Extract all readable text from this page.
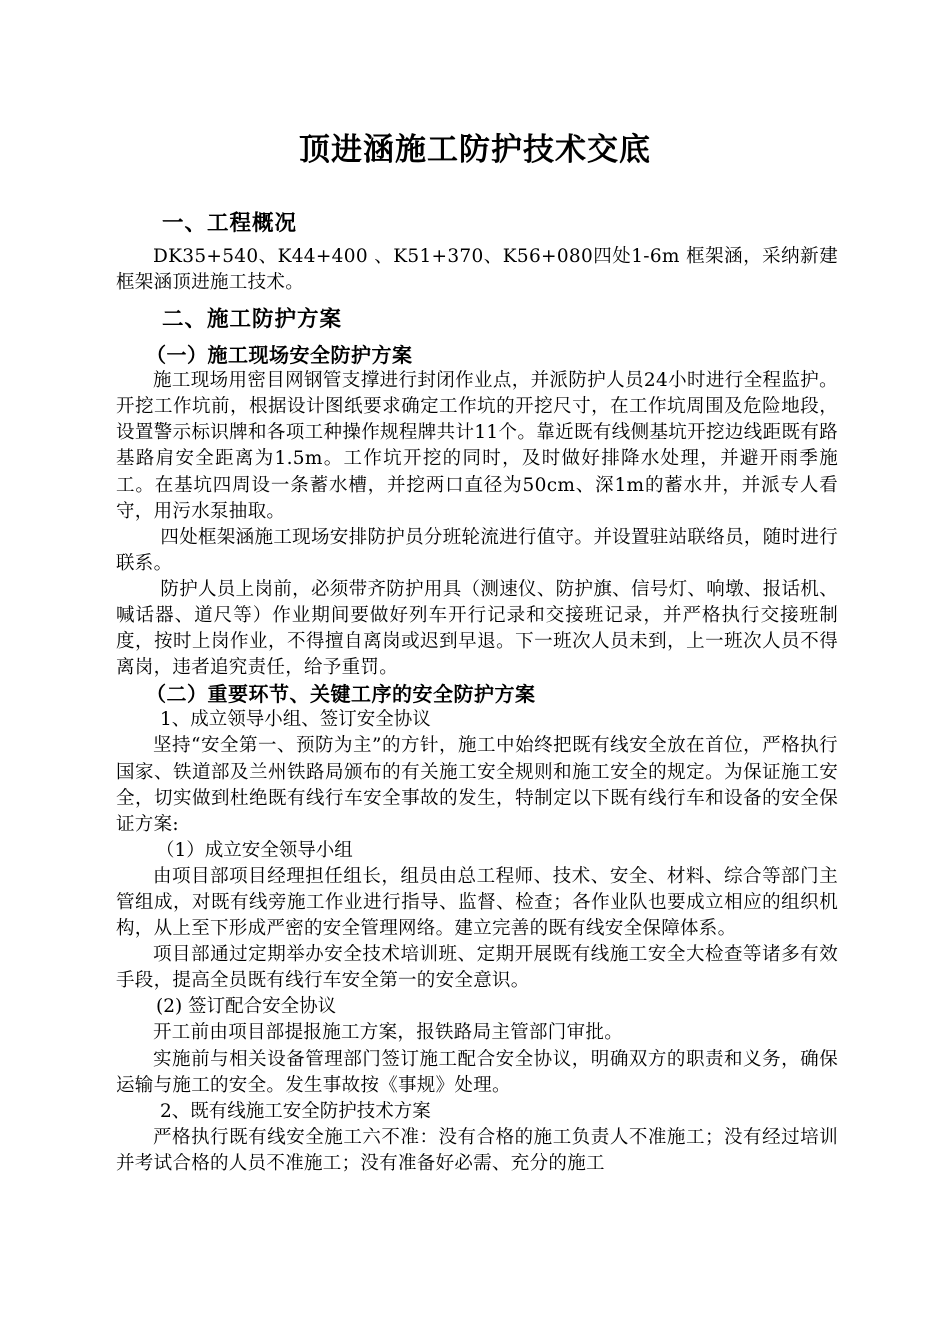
顶进涵施工防护技术交底
一、工程概况
DK35+540、K44+400 、K51+370、K56+080四处1-6m 框架涵，采纳新建框架涵顶进施工技术。
二、施工防护方案
（一）施工现场安全防护方案
施工现场用密目网钢管支撑进行封闭作业点，并派防护人员24小时进行全程监护。开挖工作坑前，根据设计图纸要求确定工作坑的开挖尺寸，在工作坑周围及危险地段，设置警示标识牌和各项工种操作规程牌共计11个。靠近既有线侧基坑开挖边线距既有路基路肩安全距离为1.5m。工作坑开挖的同时，及时做好排降水处理，并避开雨季施工。在基坑四周设一条蓄水槽，并挖两口直径为50cm、深1m的蓄水井，并派专人看守，用污水泵抽取。
四处框架涵施工现场安排防护员分班轮流进行值守。并设置驻站联络员，随时进行联系。
防护人员上岗前，必须带齐防护用具（测速仪、防护旗、信号灯、响墩、报话机、喊话器、道尺等）作业期间要做好列车开行记录和交接班记录，并严格执行交接班制度，按时上岗作业，不得擅自离岗或迟到早退。下一班次人员未到，上一班次人员不得离岗，违者追究责任，给予重罚。
（二）重要环节、关键工序的安全防护方案
1、成立领导小组、签订安全协议
坚持“安全第一、预防为主”的方针，施工中始终把既有线安全放在首位，严格执行国家、铁道部及兰州铁路局颁布的有关施工安全规则和施工安全的规定。为保证施工安全，切实做到杜绝既有线行车安全事故的发生，特制定以下既有线行车和设备的安全保证方案:
（1）成立安全领导小组
由项目部项目经理担任组长，组员由总工程师、技术、安全、材料、综合等部门主管组成，对既有线旁施工作业进行指导、监督、检查；各作业队也要成立相应的组织机构，从上至下形成严密的安全管理网络。建立完善的既有线安全保障体系。
项目部通过定期举办安全技术培训班、定期开展既有线施工安全大检查等诸多有效手段，提高全员既有线行车安全第一的安全意识。
(2) 签订配合安全协议
开工前由项目部提报施工方案，报铁路局主管部门审批。
实施前与相关设备管理部门签订施工配合安全协议，明确双方的职责和义务，确保运输与施工的安全。发生事故按《事规》处理。
2、既有线施工安全防护技术方案
严格执行既有线安全施工六不准：没有合格的施工负责人不准施工；没有经过培训并考试合格的人员不准施工；没有准备好必需、充分的施工
